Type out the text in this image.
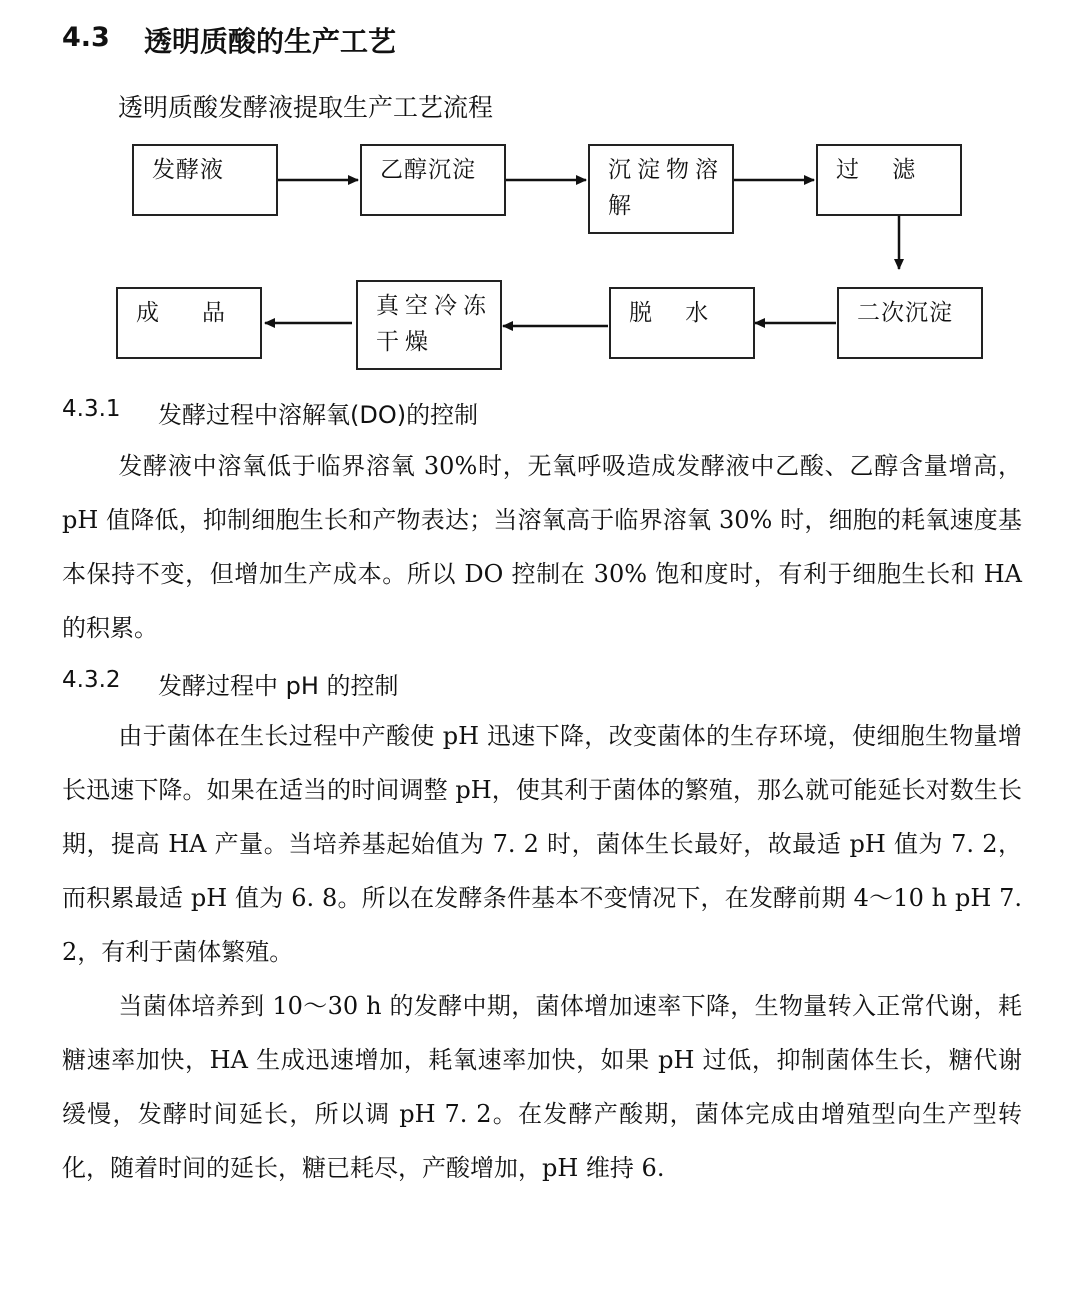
4.3 透明质酸的生产工艺
透明质酸发酵液提取生产工艺流程
发酵液	乙醇沉淀	沉淀物溶
解
过　 滤
二次沉淀
脱　 水
真空冷冻
干燥
成　品
4.3.1 发酵过程中溶解氧(DO)的控制

发酵液中溶氧低于临界溶氧 30%时，无氧呼吸造成发酵液中乙酸、乙醇含量增高，pH 值降低，抑制细胞生长和产物表达；当溶氧高于临界溶氧 30% 时，细胞的耗氧速度基本保持不变，但增加生产成本。所以 DO 控制在 30% 饱和度时，有利于细胞生长和 HA 的积累。

4.3.2 发酵过程中 pH 的控制

由于菌体在生长过程中产酸使 pH 迅速下降，改变菌体的生存环境，使细胞生物量增长迅速下降。如果在适当的时间调整 pH，使其利于菌体的繁殖，那么就可能延长对数生长期，提高 HA 产量。当培养基起始值为 7. 2 时，菌体生长最好，故最适 pH 值为 7. 2，而积累最适 pH 值为 6. 8。所以在发酵条件基本不变情况下，在发酵前期 4～10 h pH 7. 2，有利于菌体繁殖。

当菌体培养到 10～30 h 的发酵中期，菌体增加速率下降，生物量转入正常代谢，耗糖速率加快，HA 生成迅速增加，耗氧速率加快，如果 pH 过低，抑制菌体生长，糖代谢缓慢，发酵时间延长，所以调 pH 7. 2。在发酵产酸期，菌体完成由增殖型向生产型转化，随着时间的延长，糖已耗尽，产酸增加，pH 维持 6.
